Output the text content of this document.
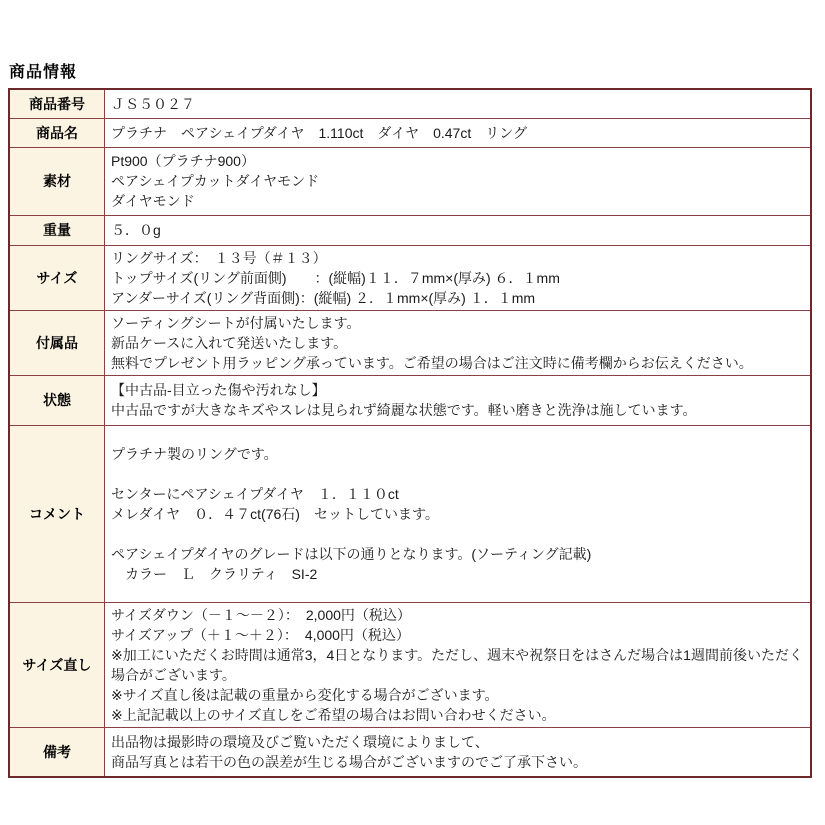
商品情報
商品番号	ＪＳ５０２７

商品名	プラチナ　ペアシェイプダイヤ　1.110ct　ダイヤ　0.47ct　リング

素材	Pt900（プラチナ900）
ペアシェイプカットダイヤモンド
ダイヤモンド

重量	５．０g

サイズ	リングサイズ：　１３号（＃１３）
トップサイズ(リング前面側)　　：(縦幅)１１．７mm×(厚み) ６．１mm
アンダーサイズ(リング背面側)：(縦幅) ２．１mm×(厚み) １．１mm

付属品	ソーティングシートが付属いたします。
新品ケースに入れて発送いたします。
無料でプレゼント用ラッピング承っています。ご希望の場合はご注文時に備考欄からお伝えください。

状態	【中古品-目立った傷や汚れなし】
中古品ですが大きなキズやスレは見られず綺麗な状態です。軽い磨きと洗浄は施しています。

コメント	プラチナ製のリングです。

センターにペアシェイプダイヤ　１．１１０ct
メレダイヤ　０．４７ct(76石)　セットしています。

ペアシェイプダイヤのグレードは以下の通りとなります。(ソーティング記載)
　カラー　Ｌ　クラリティ　SI-2

サイズ直し	サイズダウン（－１～－２）：　2,000円（税込）
サイズアップ（＋１～＋２）：　4,000円（税込）
※加工にいただくお時間は通常3，4日となります。ただし、週末や祝祭日をはさんだ場合は1週間前後いただく場合がございます。
※サイズ直し後は記載の重量から変化する場合がございます。
※上記記載以上のサイズ直しをご希望の場合はお問い合わせください。

備考	出品物は撮影時の環境及びご覧いただく環境によりまして、
商品写真とは若干の色の誤差が生じる場合がございますのでご了承下さい。
